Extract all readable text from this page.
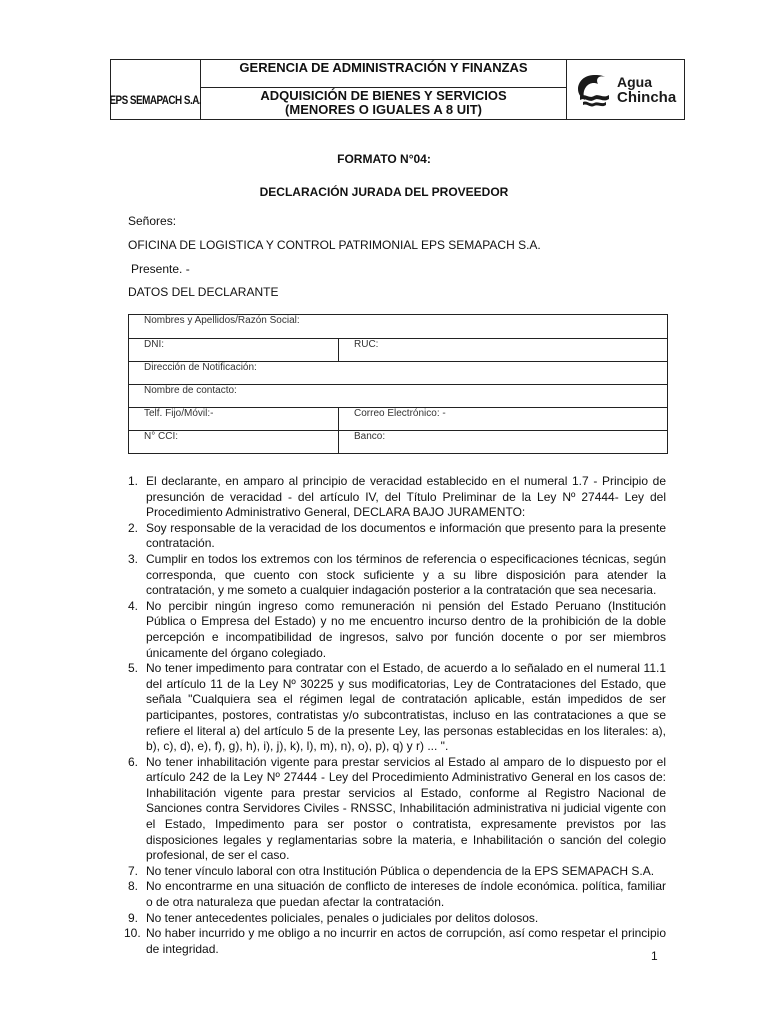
EPS SEMAPACH S.A.
GERENCIA DE ADMINISTRACIÓN Y FINANZAS
ADQUISICIÓN DE BIENES Y SERVICIOS
(MENORES O IGUALES A 8 UIT)
Agua
Chincha
FORMATO N°04:
DECLARACIÓN JURADA DEL PROVEEDOR
Señores:
OFICINA DE LOGISTICA Y CONTROL PATRIMONIAL EPS SEMAPACH S.A.
Presente. -
DATOS DEL DECLARANTE
Nombres y Apellidos/Razón Social:	
DNI:	RUC:
Dirección de Notificación:	
Nombre de contacto:	
Telf. Fijo/Móvil:-	Correo Electrónico: -
N° CCI:	Banco:
1. El declarante, en amparo al principio de veracidad establecido en el numeral 1.7 - Principio de presunción de veracidad - del artículo IV, del Título Preliminar de la Ley Nº 27444- Ley del Procedimiento Administrativo General, DECLARA BAJO JURAMENTO:
2. Soy responsable de la veracidad de los documentos e información que presento para la presente contratación.
3. Cumplir en todos los extremos con los términos de referencia o especificaciones técnicas, según corresponda, que cuento con stock suficiente y a su libre disposición para atender la contratación, y me someto a cualquier indagación posterior a la contratación que sea necesaria.
4. No percibir ningún ingreso como remuneración ni pensión del Estado Peruano (Institución Pública o Empresa del Estado) y no me encuentro incurso dentro de la prohibición de la doble percepción e incompatibilidad de ingresos, salvo por función docente o por ser miembros únicamente del órgano colegiado.
5. No tener impedimento para contratar con el Estado, de acuerdo a lo señalado en el numeral 11.1 del artículo 11 de la Ley Nº 30225 y sus modificatorias, Ley de Contrataciones del Estado, que señala "Cualquiera sea el régimen legal de contratación aplicable, están impedidos de ser participantes, postores, contratistas y/o subcontratistas, incluso en las contrataciones a que se refiere el literal a) del artículo 5 de la presente Ley, las personas establecidas en los literales: a), b), c), d), e), f), g), h), i), j), k), l), m), n), o), p), q) y r) ... ".
6. No tener inhabilitación vigente para prestar servicios al Estado al amparo de lo dispuesto por el artículo 242 de la Ley Nº 27444 - Ley del Procedimiento Administrativo General en los casos de: Inhabilitación vigente para prestar servicios al Estado, conforme al Registro Nacional de Sanciones contra Servidores Civiles - RNSSC, Inhabilitación administrativa ni judicial vigente con el Estado, Impedimento para ser postor o contratista, expresamente previstos por las disposiciones legales y reglamentarias sobre la materia, e Inhabilitación o sanción del colegio profesional, de ser el caso.
7. No tener vínculo laboral con otra Institución Pública o dependencia de la EPS SEMAPACH S.A.
8. No encontrarme en una situación de conflicto de intereses de índole económica. política, familiar o de otra naturaleza que puedan afectar la contratación.
9. No tener antecedentes policiales, penales o judiciales por delitos dolosos.
10. No haber incurrido y me obligo a no incurrir en actos de corrupción, así como respetar el principio de integridad.
1
